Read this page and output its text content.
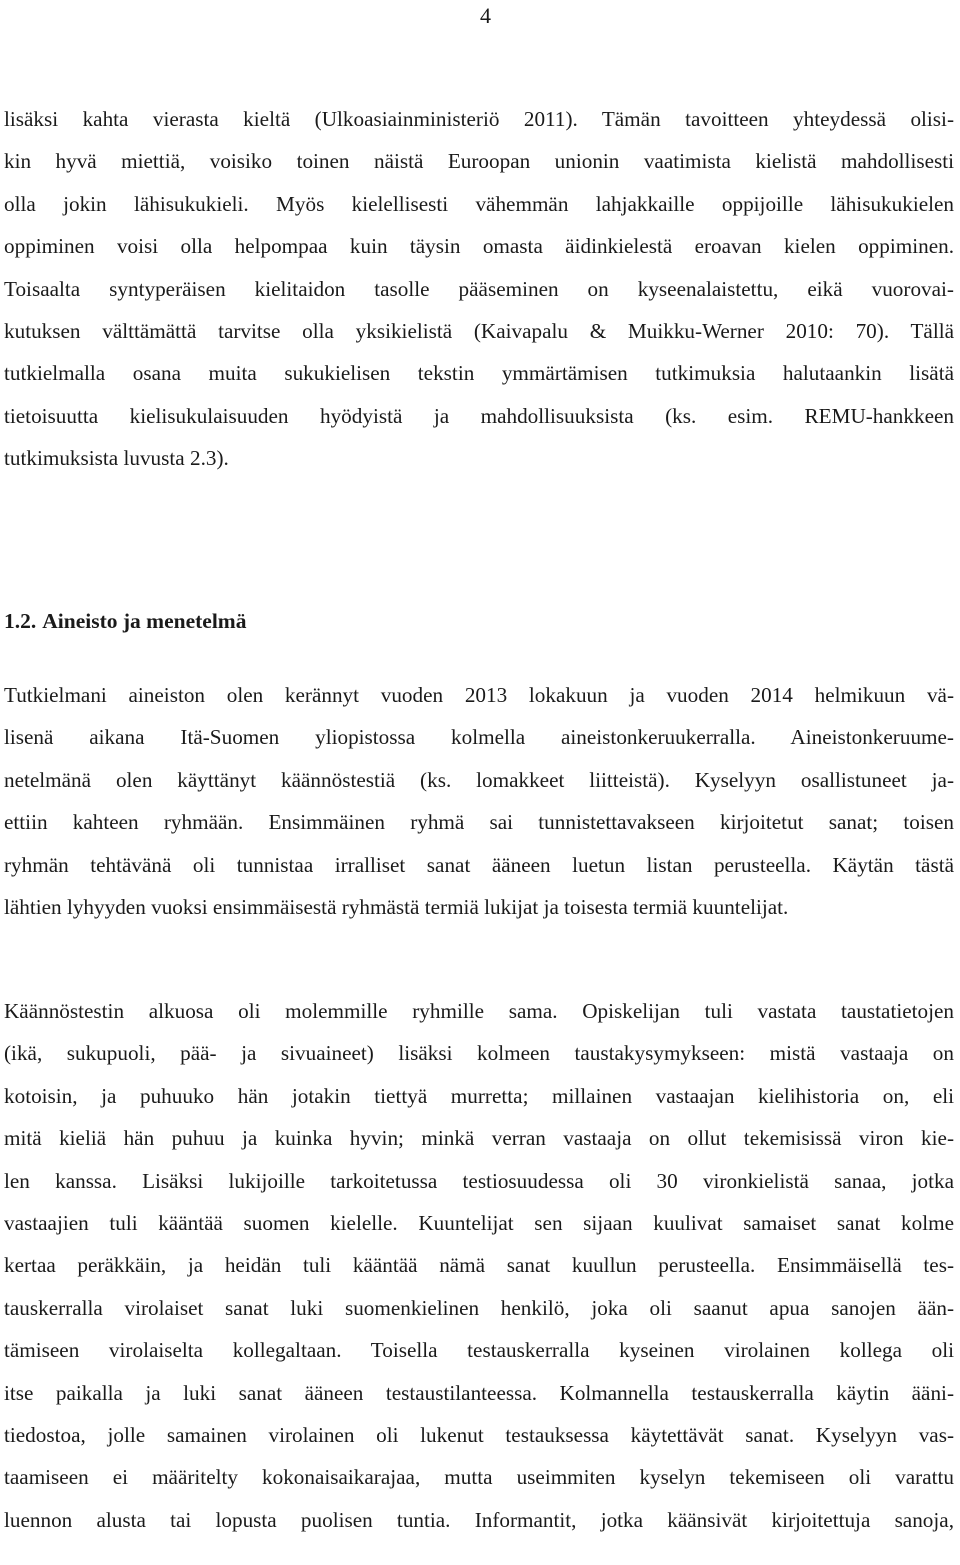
4
lisäksi kahta vierasta kieltä (Ulkoasiainministeriö 2011). Tämän tavoitteen yhteydessä olisi-
kin hyvä miettiä, voisiko toinen näistä Euroopan unionin vaatimista kielistä mahdollisesti
olla jokin lähisukukieli. Myös kielellisesti vähemmän lahjakkaille oppijoille lähisukukielen
oppiminen voisi olla helpompaa kuin täysin omasta äidinkielestä eroavan kielen oppiminen.
Toisaalta syntyperäisen kielitaidon tasolle pääseminen on kyseenalaistettu, eikä vuorovai-
kutuksen välttämättä tarvitse olla yksikielistä (Kaivapalu & Muikku-Werner 2010: 70). Tällä
tutkielmalla osana muita sukukielisen tekstin ymmärtämisen tutkimuksia halutaankin lisätä
tietoisuutta kielisukulaisuuden hyödyistä ja mahdollisuuksista (ks. esim. REMU-hankkeen
tutkimuksista luvusta 2.3).
1.2. Aineisto ja menetelmä
Tutkielmani aineiston olen kerännyt vuoden 2013 lokakuun ja vuoden 2014 helmikuun vä-
lisenä aikana Itä-Suomen yliopistossa kolmella aineistonkeruukerralla. Aineistonkeruume-
netelmänä olen käyttänyt käännöstestiä (ks. lomakkeet liitteistä). Kyselyyn osallistuneet ja-
ettiin kahteen ryhmään. Ensimmäinen ryhmä sai tunnistettavakseen kirjoitetut sanat; toisen
ryhmän tehtävänä oli tunnistaa irralliset sanat ääneen luetun listan perusteella. Käytän tästä
lähtien lyhyyden vuoksi ensimmäisestä ryhmästä termiä lukijat ja toisesta termiä kuuntelijat.
Käännöstestin alkuosa oli molemmille ryhmille sama. Opiskelijan tuli vastata taustatietojen
(ikä, sukupuoli, pää- ja sivuaineet) lisäksi kolmeen taustakysymykseen: mistä vastaaja on
kotoisin, ja puhuuko hän jotakin tiettyä murretta; millainen vastaajan kielihistoria on, eli
mitä kieliä hän puhuu ja kuinka hyvin; minkä verran vastaaja on ollut tekemisissä viron kie-
len kanssa. Lisäksi lukijoille tarkoitetussa testiosuudessa oli 30 vironkielistä sanaa, jotka
vastaajien tuli kääntää suomen kielelle. Kuuntelijat sen sijaan kuulivat samaiset sanat kolme
kertaa peräkkäin, ja heidän tuli kääntää nämä sanat kuullun perusteella. Ensimmäisellä tes-
tauskerralla virolaiset sanat luki suomenkielinen henkilö, joka oli saanut apua sanojen ään-
tämiseen virolaiselta kollegaltaan. Toisella testauskerralla kyseinen virolainen kollega oli
itse paikalla ja luki sanat ääneen testaustilanteessa. Kolmannella testauskerralla käytin ääni-
tiedostoa, jolle samainen virolainen oli lukenut testauksessa käytettävät sanat. Kyselyyn vas-
taamiseen ei määritelty kokonaisaikarajaa, mutta useimmiten kyselyn tekemiseen oli varattu
luennon alusta tai lopusta puolisen tuntia. Informantit, jotka käänsivät kirjoitettuja sanoja,
